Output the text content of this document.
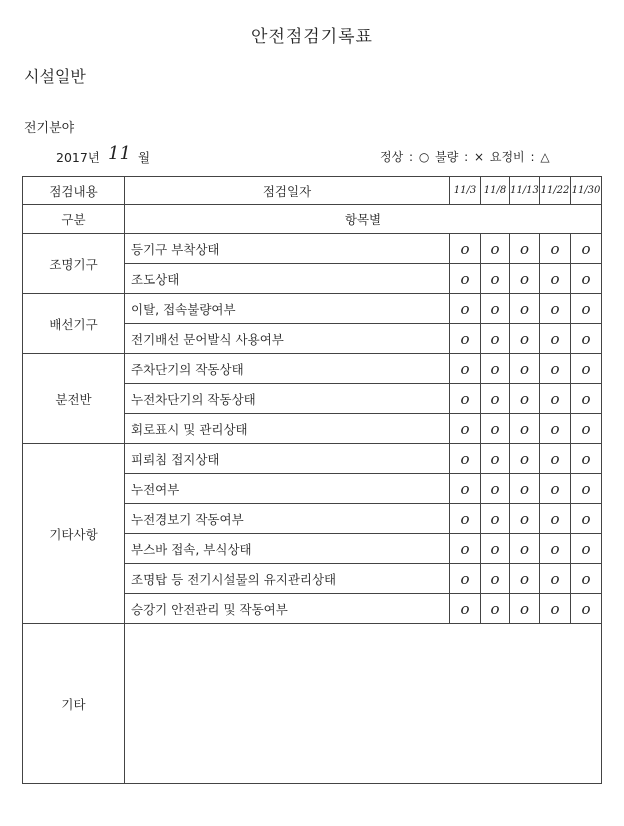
안전점검기록표
시설일반
전기분야
2017년 11 월	정상 : ○ 불량 : × 요정비 : △
점검내용	점검일자	11/3	11/8	11/13	11/22	11/30
구분	항목별					
조명기구	등기구 부착상태	o	o	o	o	o
	조도상태	o	o	o	o	o
배선기구	이탈, 접속불량여부	o	o	o	o	o
	전기배선 문어발식 사용여부	o	o	o	o	o
분전반	주차단기의 작동상태	o	o	o	o	o
	누전차단기의 작동상태	o	o	o	o	o
	회로표시 및 관리상태	o	o	o	o	o
기타사항	피뢰침 접지상태	o	o	o	o	o
	누전여부	o	o	o	o	o
	누전경보기 작동여부	o	o	o	o	o
	부스바 접속, 부식상태	o	o	o	o	o
	조명탑 등 전기시설물의 유지관리상태	o	o	o	o	o
	승강기 안전관리 및 작동여부	o	o	o	o	o
기타						
